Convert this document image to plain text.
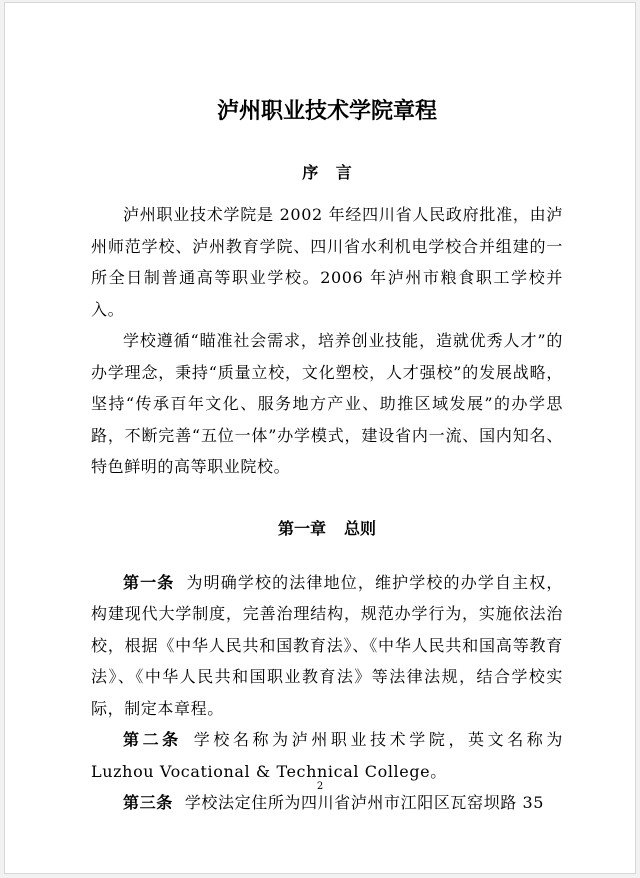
泸州职业技术学院章程
序 言

泸州职业技术学院是 2002 年经四川省人民政府批准，由泸州师范学校、泸州教育学院、四川省水利机电学校合并组建的一所全日制普通高等职业学校。2006 年泸州市粮食职工学校并入。

学校遵循“瞄准社会需求，培养创业技能，造就优秀人才”的办学理念，秉持“质量立校，文化塑校，人才强校”的发展战略，坚持“传承百年文化、服务地方产业、助推区域发展”的办学思路，不断完善“五位一体”办学模式，建设省内一流、国内知名、特色鲜明的高等职业院校。

第一章 总则

第一条 为明确学校的法律地位，维护学校的办学自主权，构建现代大学制度，完善治理结构，规范办学行为，实施依法治校，根据《中华人民共和国教育法》、《中华人民共和国高等教育法》、《中华人民共和国职业教育法》等法律法规，结合学校实际，制定本章程。

第二条 学校名称为泸州职业技术学院，英文名称为 Luzhou Vocational & Technical College。

第三条 学校法定住所为四川省泸州市江阳区瓦窑坝路 35

2
